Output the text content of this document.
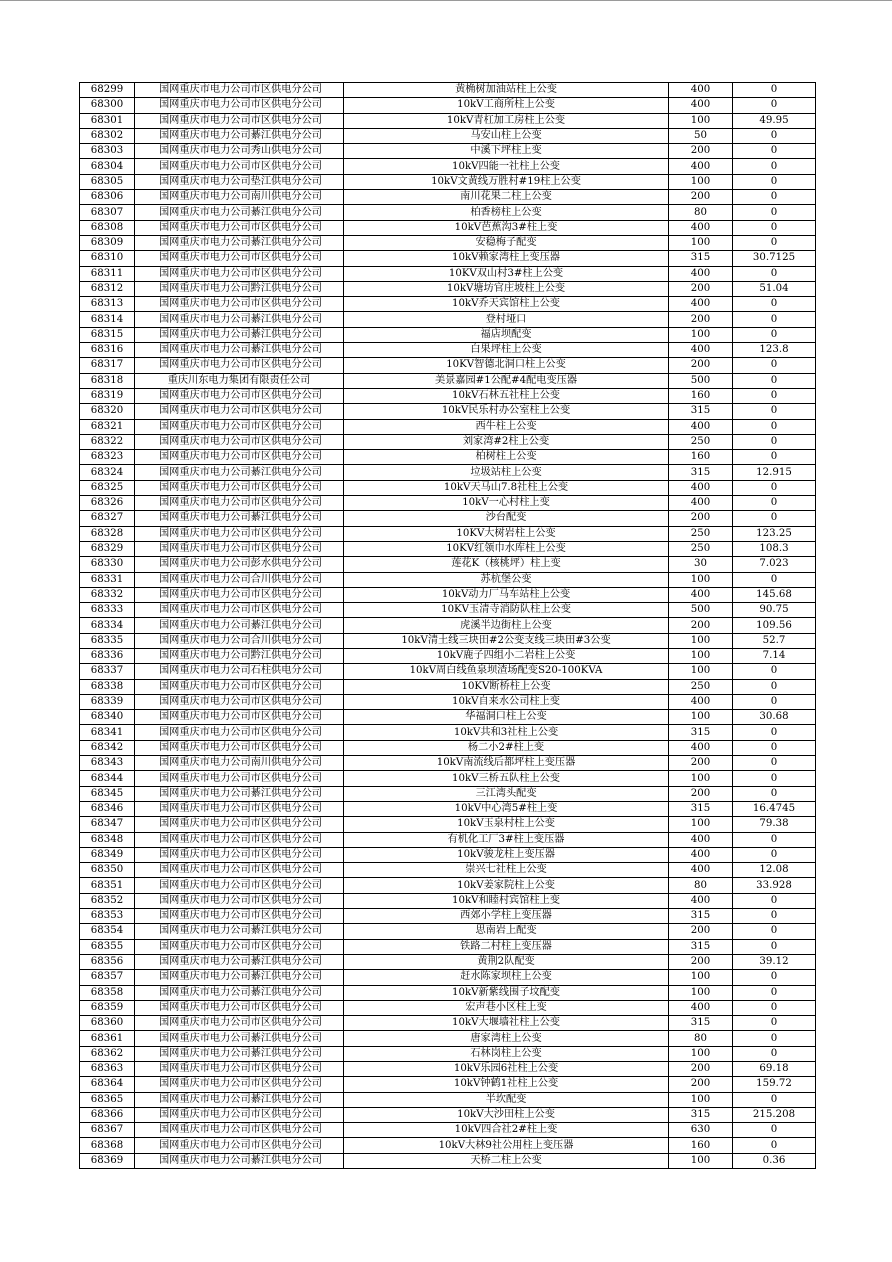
68299	国网重庆市电力公司市区供电分公司	黄桷树加油站柱上公变	400	0
68300	国网重庆市电力公司市区供电分公司	10kV工商所柱上公变	400	0
68301	国网重庆市电力公司市区供电分公司	10kV青杠加工房柱上公变	100	49.95
68302	国网重庆市电力公司綦江供电分公司	马安山柱上公变	50	0
68303	国网重庆市电力公司秀山供电分公司	中溪下坪柱上变	200	0
68304	国网重庆市电力公司市区供电分公司	10kV四能一社柱上公变	400	0
68305	国网重庆市电力公司垫江供电分公司	10kV文黄线万胜村#19柱上公变	100	0
68306	国网重庆市电力公司南川供电分公司	南川花果二柱上公变	200	0
68307	国网重庆市电力公司綦江供电分公司	柏香榜柱上公变	80	0
68308	国网重庆市电力公司市区供电分公司	10kV芭蕉沟3#柱上变	400	0
68309	国网重庆市电力公司綦江供电分公司	安稳梅子配变	100	0
68310	国网重庆市电力公司市区供电分公司	10kV赖家湾柱上变压器	315	30.7125
68311	国网重庆市电力公司市区供电分公司	10KV双山村3#柱上公变	400	0
68312	国网重庆市电力公司黔江供电分公司	10kV塘坊官庄坡柱上公变	200	51.04
68313	国网重庆市电力公司市区供电分公司	10kV乔天宾馆柱上公变	400	0
68314	国网重庆市电力公司綦江供电分公司	登村垭口	200	0
68315	国网重庆市电力公司綦江供电分公司	福店坝配变	100	0
68316	国网重庆市电力公司綦江供电分公司	白果坪柱上公变	400	123.8
68317	国网重庆市电力公司市区供电分公司	10KV智德北洞口柱上公变	200	0
68318	重庆川东电力集团有限责任公司	美景嘉园#1公配#4配电变压器	500	0
68319	国网重庆市电力公司市区供电分公司	10kV石林五社柱上公变	160	0
68320	国网重庆市电力公司市区供电分公司	10kV民乐村办公室柱上公变	315	0
68321	国网重庆市电力公司市区供电分公司	西牛柱上公变	400	0
68322	国网重庆市电力公司市区供电分公司	刘家湾#2柱上公变	250	0
68323	国网重庆市电力公司市区供电分公司	柏树柱上公变	160	0
68324	国网重庆市电力公司綦江供电分公司	垃圾站柱上公变	315	12.915
68325	国网重庆市电力公司市区供电分公司	10kV天马山7.8社柱上公变	400	0
68326	国网重庆市电力公司市区供电分公司	10kV一心村柱上变	400	0
68327	国网重庆市电力公司綦江供电分公司	沙台配变	200	0
68328	国网重庆市电力公司市区供电分公司	10KV大树岩柱上公变	250	123.25
68329	国网重庆市电力公司市区供电分公司	10KV红领巾水库柱上公变	250	108.3
68330	国网重庆市电力公司彭水供电分公司	莲花K（核桃坪）柱上变	30	7.023
68331	国网重庆市电力公司合川供电分公司	苏杭堡公变	100	0
68332	国网重庆市电力公司市区供电分公司	10kV动力厂马车站柱上公变	400	145.68
68333	国网重庆市电力公司市区供电分公司	10KV玉清寺消防队柱上公变	500	90.75
68334	国网重庆市电力公司綦江供电分公司	虎溪半边街柱上公变	200	109.56
68335	国网重庆市电力公司合川供电分公司	10kV清土线三块田#2公变支线三块田#3公变	100	52.7
68336	国网重庆市电力公司黔江供电分公司	10kV鹿子四组小二岩柱上公变	100	7.14
68337	国网重庆市电力公司石柱供电分公司	10kV周白线鱼泉坝渣场配变S20-100KVA	100	0
68338	国网重庆市电力公司市区供电分公司	10KV断桥柱上公变	250	0
68339	国网重庆市电力公司市区供电分公司	10kV自来水公司柱上变	400	0
68340	国网重庆市电力公司市区供电分公司	华福洞口柱上公变	100	30.68
68341	国网重庆市电力公司市区供电分公司	10kV共和3社柱上公变	315	0
68342	国网重庆市电力公司市区供电分公司	杨二小2#柱上变	400	0
68343	国网重庆市电力公司南川供电分公司	10kV南流线后都坪柱上变压器	200	0
68344	国网重庆市电力公司市区供电分公司	10kV三桥五队柱上公变	100	0
68345	国网重庆市电力公司綦江供电分公司	三江湾头配变	200	0
68346	国网重庆市电力公司市区供电分公司	10kV中心湾5#柱上变	315	16.4745
68347	国网重庆市电力公司市区供电分公司	10kV玉泉村柱上公变	100	79.38
68348	国网重庆市电力公司市区供电分公司	有机化工厂3#柱上变压器	400	0
68349	国网重庆市电力公司市区供电分公司	10kV骏龙柱上变压器	400	0
68350	国网重庆市电力公司市区供电分公司	崇兴七社柱上公变	400	12.08
68351	国网重庆市电力公司市区供电分公司	10kV姜家院柱上公变	80	33.928
68352	国网重庆市电力公司市区供电分公司	10kV和睦村宾馆柱上变	400	0
68353	国网重庆市电力公司市区供电分公司	西郊小学柱上变压器	315	0
68354	国网重庆市电力公司綦江供电分公司	思南岩上配变	200	0
68355	国网重庆市电力公司市区供电分公司	铁路二村柱上变压器	315	0
68356	国网重庆市电力公司綦江供电分公司	黄荆2队配变	200	39.12
68357	国网重庆市电力公司綦江供电分公司	赶水陈家坝柱上公变	100	0
68358	国网重庆市电力公司綦江供电分公司	10kV新紫线围子坟配变	100	0
68359	国网重庆市电力公司市区供电分公司	宏声巷小区柱上变	400	0
68360	国网重庆市电力公司市区供电分公司	10kV大堰墙社柱上公变	315	0
68361	国网重庆市电力公司綦江供电分公司	唐家湾柱上公变	80	0
68362	国网重庆市电力公司綦江供电分公司	石林岗柱上公变	100	0
68363	国网重庆市电力公司市区供电分公司	10kV乐园6社柱上公变	200	69.18
68364	国网重庆市电力公司市区供电分公司	10kV钟鹤1社柱上公变	200	159.72
68365	国网重庆市电力公司綦江供电分公司	半坎配变	100	0
68366	国网重庆市电力公司市区供电分公司	10kV大沙田柱上公变	315	215.208
68367	国网重庆市电力公司市区供电分公司	10kV四合社2#柱上变	630	0
68368	国网重庆市电力公司市区供电分公司	10kV大林9社公用柱上变压器	160	0
68369	国网重庆市电力公司綦江供电分公司	天桥二柱上公变	100	0.36
